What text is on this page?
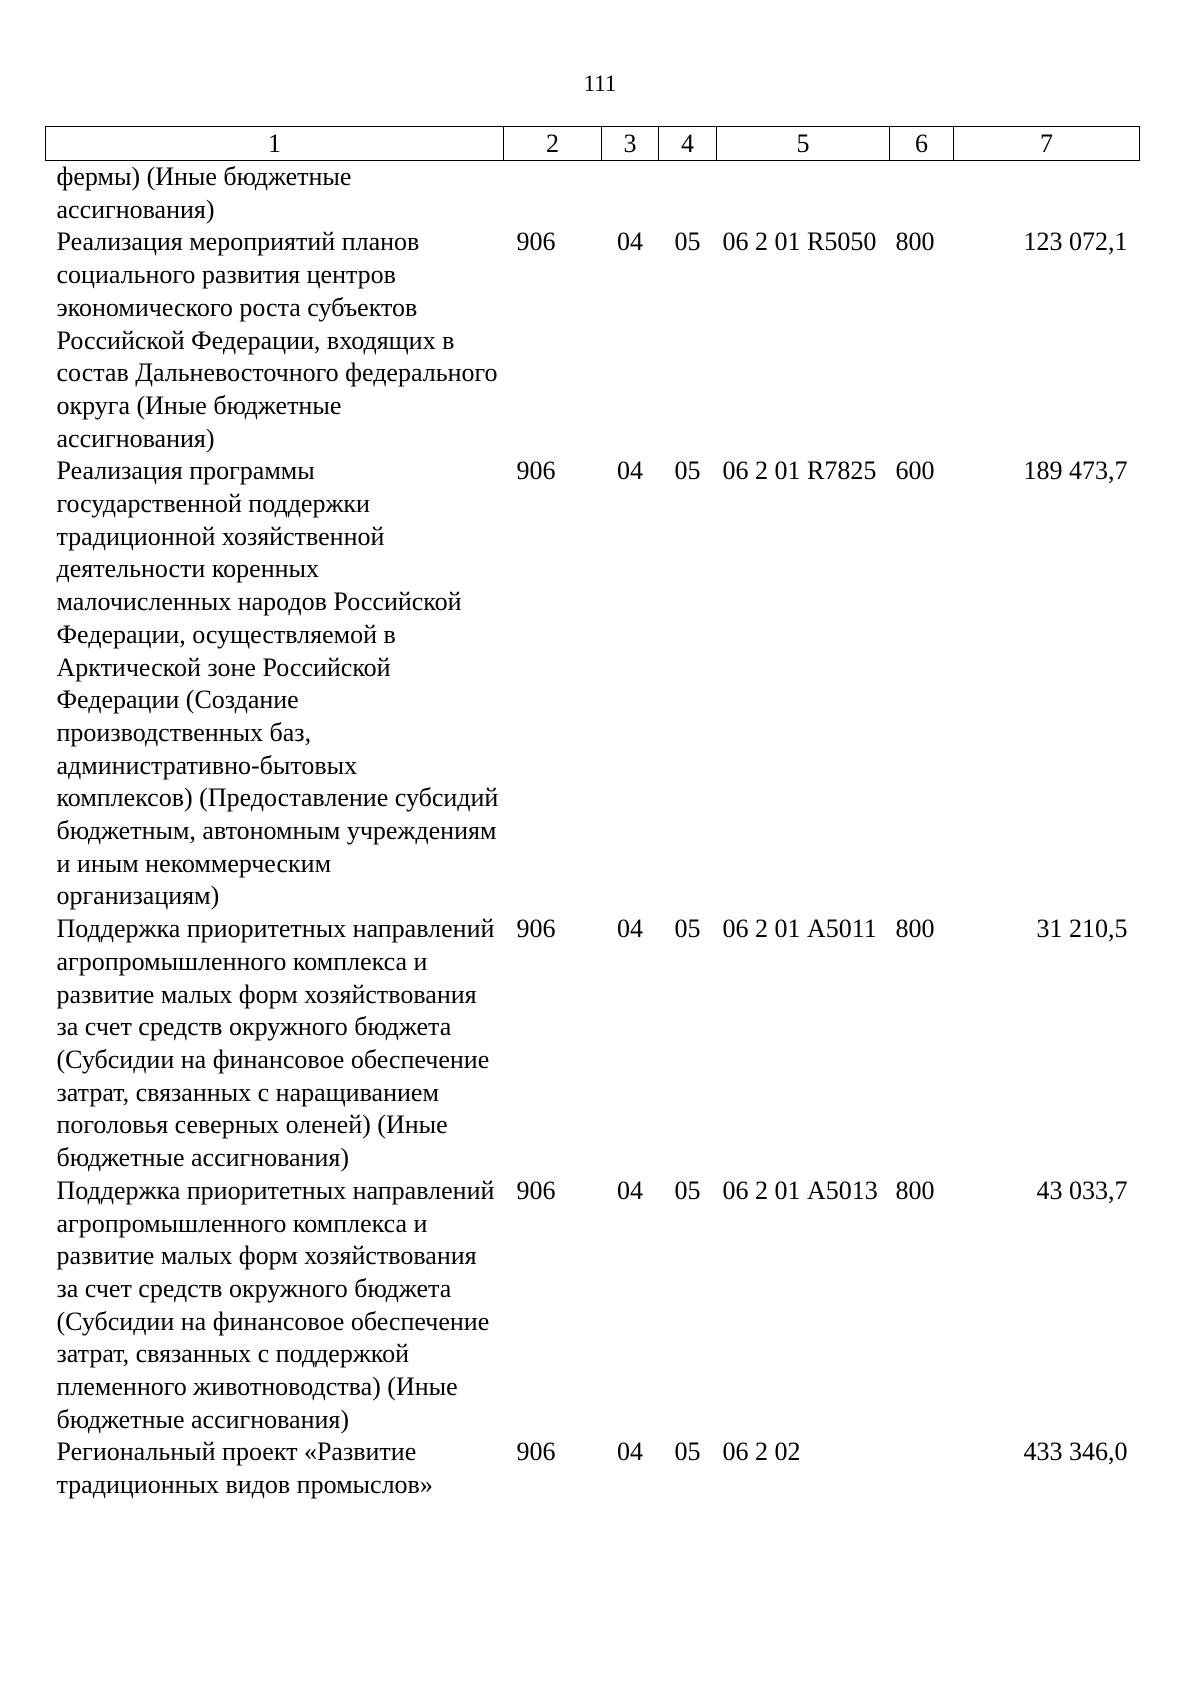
111
1	2	3	4	5	6	7
фермы) (Иные бюджетные ассигнования)						
Реализация мероприятий планов социального развития центров экономического роста субъектов Российской Федерации, входящих в состав Дальневосточного федерального округа (Иные бюджетные ассигнования)	906	04	05	06 2 01 R5050	800	123 072,1
Реализация программы государственной поддержки традиционной хозяйственной деятельности коренных малочисленных народов Российской Федерации, осуществляемой в Арктической зоне Российской Федерации (Создание производственных баз, административно-бытовых комплексов) (Предоставление субсидий бюджетным, автономным учреждениям и иным некоммерческим организациям)	906	04	05	06 2 01 R7825	600	189 473,7
Поддержка приоритетных направлений агропромышленного комплекса и развитие малых форм хозяйствования за счет средств окружного бюджета (Субсидии на финансовое обеспечение затрат, связанных с наращиванием поголовья северных оленей) (Иные бюджетные ассигнования)	906	04	05	06 2 01 А5011	800	31 210,5
Поддержка приоритетных направлений агропромышленного комплекса и развитие малых форм хозяйствования за счет средств окружного бюджета (Субсидии на финансовое обеспечение затрат, связанных с поддержкой племенного животноводства) (Иные бюджетные ассигнования)	906	04	05	06 2 01 А5013	800	43 033,7
Региональный проект «Развитие традиционных видов промыслов»	906	04	05	06 2 02		433 346,0
